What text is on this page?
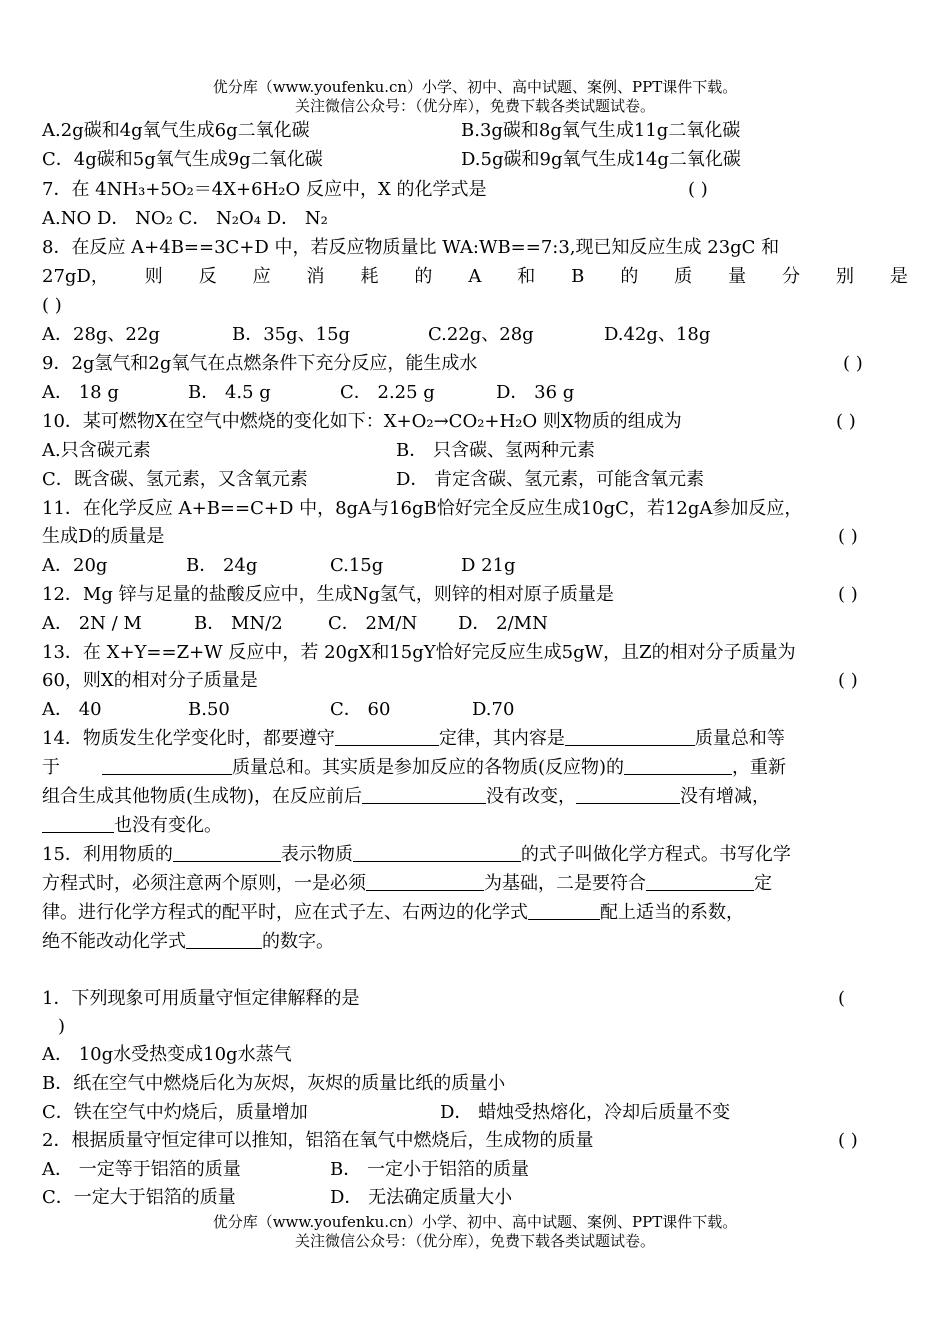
优分库（www.youfenku.cn）小学、初中、高中试题、案例、PPT课件下载。
关注微信公众号：（优分库），免费下载各类试题试卷。
A.2g碳和4g氧气生成6g二氧化碳	B.3g碳和8g氧气生成11g二氧化碳
C．4g碳和5g氧气生成9g二氧化碳	D.5g碳和9g氧气生成14g二氧化碳
7．在 4NH₃+5O₂＝4X+6H₂O 反应中，X 的化学式是	( )
A.NO D． NO₂ C． N₂O₄ D． N₂
8．在反应 A+4B==3C+D 中，若反应物质量比 WA:WB==7:3,现已知反应生成 23gC 和
27gD， 则 反 应 消 耗 的 A 和 B 的 质 量 分 别 是
( )
A．28g、22g	B．35g、15g	C.22g、28g	D.42g、18g
9．2g氢气和2g氧气在点燃条件下充分反应，能生成水	( )
A． 18 g	B． 4.5 g	C． 2.25 g	D． 36 g
10．某可燃物X在空气中燃烧的变化如下：X+O₂→CO₂+H₂O 则X物质的组成为	( )
A.只含碳元素	B． 只含碳、氢两种元素
C．既含碳、氢元素，又含氧元素	D． 肯定含碳、氢元素，可能含氧元素
11．在化学反应 A+B==C+D 中，8gA与16gB恰好完全反应生成10gC，若12gA参加反应，
生成D的质量是	( )
A．20g	B． 24g	C.15g	D 21g
12．Mg 锌与足量的盐酸反应中，生成Ng氢气，则锌的相对原子质量是	( )
A． 2N / M	B． MN/2	C． 2M/N D． 2/MN
13．在 X+Y==Z+W 反应中，若 20gX和15gY恰好完反应生成5gW，且Z的相对分子质量为
60，则X的相对分子质量是	( )
A． 40	B.50	C． 60	D.70
14．物质发生化学变化时，都要遵守	定律，其内容是	质量总和等
于	质量总和。其实质是参加反应的各物质(反应物)的	，重新
组合生成其他物质(生成物)，在反应前后	没有改变，	没有增减，
也没有变化。
15．利用物质的	表示物质	的式子叫做化学方程式。书写化学
方程式时，必须注意两个原则，一是必须	为基础，二是要符合	定
律。进行化学方程式的配平时，应在式子左、右两边的化学式	配上适当的系数，
绝不能改动化学式	的数字。
1．下列现象可用质量守恒定律解释的是	(
)
A． 10g水受热变成10g水蒸气
B．纸在空气中燃烧后化为灰烬，灰烬的质量比纸的质量小
C．铁在空气中灼烧后，质量增加	D． 蜡烛受热熔化，冷却后质量不变
2．根据质量守恒定律可以推知，铝箔在氧气中燃烧后，生成物的质量	( )
A． 一定等于铝箔的质量	B． 一定小于铝箔的质量
C．一定大于铝箔的质量	D． 无法确定质量大小
优分库（www.youfenku.cn）小学、初中、高中试题、案例、PPT课件下载。
关注微信公众号：（优分库），免费下载各类试题试卷。
